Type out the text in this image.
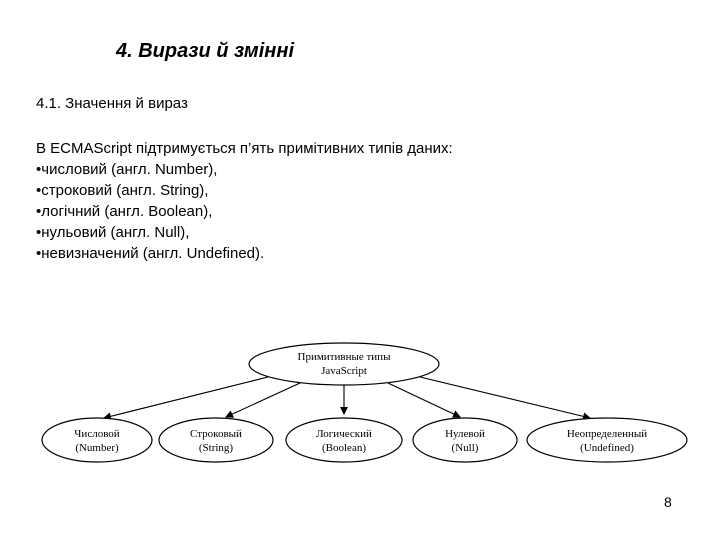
4. Вирази й змінні

4.1. Значення й вираз

В ECMAScript підтримується п’ять примітивних типів даних:
•числовий (англ. Number),
•строковий (англ. String),
•логічний (англ. Boolean),
•нульовий (англ. Null),
•невизначений (англ. Undefined).
Примитивные типы
JavaScript
Числовой
(Number)
Строковый
(String)
Логический
(Boolean)
Нулевой
(Null)
Неопределенный
(Undefined)

8
